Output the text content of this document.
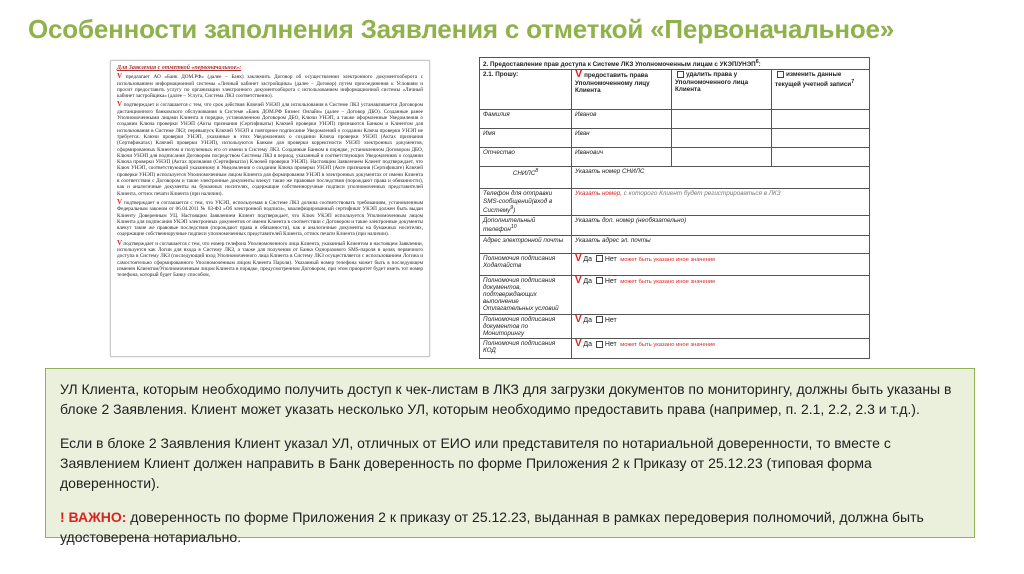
Особенности заполнения Заявления с отметкой «Первоначальное»
Для Заявления с отметкой «первоначальное»:

V предлагает АО «Банк ДОМ.РФ» (далее – Банк) заключить Договор об осуществлении электронного документооборота с использованием информационной системы «Личный кабинет застройщика» (далее – Договор) путем присоединения к Условиям и просит предоставить услугу по организации электронного документооборота с использованием информационной системы «Личный кабинет застройщика» (далее – Услуга, Система ЛКЗ соответственно).

V подтверждает и соглашается с тем, что срок действия Ключей УНЭП для использования в Системе ЛКЗ устанавливается Договором дистанционного банковского обслуживания в Системе «Банк ДОМ.РФ Бизнес Онлайн» (далее – Договор ДБО). Созданные ранее Уполномоченными лицами Клиента в порядке, установленном Договором ДБО, Ключи УНЭП, а также оформленные Уведомления о создании Ключа проверки УНЭП (Акты признания (Сертификаты) Ключей проверки УНЭП) признаются Банком и Клиентом для использования в Системе ЛКЗ; перевыпуск Ключей УНЭП и повторное подписание Уведомлений о создании Ключа проверки УНЭП не требуется. Ключи проверки УНЭП, указанные в этих Уведомлениях о создании Ключа проверки УНЭП (Актах признания (Сертификатах) Ключей проверки УНЭП), используются Банком для проверки корректности УНЭП электронных документов, сформированных Клиентом и полученных его от имени в Систему ЛКЗ. Созданные Банком в порядке, установленном Договором ДБО, Ключи УНЭП для подписания Договором посредством Системы ЛКЗ в период, указанный в соответствующих Уведомлениях о создании Ключа проверки УНЭП (Актах признания (Сертификатах) Ключей проверки УНЭП). Настоящим Заявлением Клиент подтверждает, что Ключ УНЭП, соответствующий указанному в Уведомлении о создании Ключа проверки УНЭП (Акте признания (Сертификате) Ключей проверки УНЭП) используется Уполномоченным лицом Клиента для формирования УНЭП в электронных документах от имени Клиента в соответствии с Договором и такие электронные документы влекут такие же правовые последствия (порождают права и обязанности), как и аналогичные документы на бумажных носителях, содержащие собственноручные подписи уполномоченных представителей Клиента, оттиск печати Клиента (при наличии).

V подтверждает и соглашается с тем, что УКЭП, используемая в Системе ЛКЗ должна соответствовать требованиям, установленным Федеральным законом от 06.04.2011 № 63-ФЗ «Об электронной подписи», квалифицированный сертификат УКЭП должен быть выдан Клиенту Доверенным УЦ. Настоящим Заявлением Клиент подтверждает, что Ключ УКЭП используется Уполномоченным лицом Клиента для подписания УКЭП электронных документов от имени Клиента в соответствии с Договором и такие электронные документы влекут такие же правовые последствия (порождают права и обязанности), как и аналогичные документы на бумажных носителях, содержащие собственноручные подписи уполномоченных представителей Клиента, оттиск печати Клиента (при наличии).

V подтверждает и соглашается с тем, что номер телефона Уполномоченного лица Клиента, указанный Клиентом в настоящем Заявлении, используется как Логин для входа в Систему ЛКЗ, а также для получения от Банка Одноразового SMS-пароля в целях первичного доступа в Систему ЛКЗ (последующий вход Уполномоченного лица Клиента в Систему ЛКЗ осуществляется с использованием Логина и самостоятельно сформированного Уполномоченным лицом Клиента Пароля). Указанный номер телефона может быть в последующем изменен Клиентом/Уполномоченным лицом Клиента в порядке, предусмотренном Договором, при этом приоритет будет иметь тот номер телефона, который будет Банку способом,

2. Предоставление прав доступа к Системе ЛКЗ Уполномоченным лицам с УКЭП/УНЭП$^6$:			
2.1. Прошу:	V предоставить права Уполномоченному лицу Клиента	удалить права у Уполномоченного лица Клиента	изменить данные текущей учетной записи$^7$
Фамилия	Иванов		
Имя	Иван		
Отчество	Иванович		
СНИЛС$^8$	Указать номер СНИЛС		
Телефон для отправки SMS-сообщений(вход в Систему$^9$)	Указать номер, с которого Клиент будет регистрироваться в ЛКЗ		
Дополнительный телефон$^{10}$	Указать доп. номер (необязательно)		
Адрес электронной почты	Указать адрес эл. почты		
Полномочия подписания Ходатайств	V Да Нет может быть указано иное значение		
Полномочия подписания документов, подтверждающих выполнение Отлагательных условий	V Да Нет может быть указано иное значение		
Полномочия подписания документов по Мониторингу	V Да Нет		
Полномочия подписания КОД	V Да Нет может быть указано иное значение		

УЛ Клиента, которым необходимо получить доступ к чек-листам в ЛКЗ для загрузки документов по мониторингу, должны быть указаны в блоке 2 Заявления. Клиент может указать несколько УЛ, которым необходимо предоставить права (например, п. 2.1, 2.2, 2.3 и т.д.).

Если в блоке 2 Заявления Клиент указал УЛ, отличных от ЕИО или представителя по нотариальной доверенности, то вместе с Заявлением Клиент должен направить в Банк доверенность по форме Приложения 2 к Приказу от 25.12.23 (типовая форма доверенности).

! ВАЖНО: доверенность по форме Приложения 2 к приказу от 25.12.23, выданная в рамках передоверия полномочий, должна быть удостоверена нотариально.
